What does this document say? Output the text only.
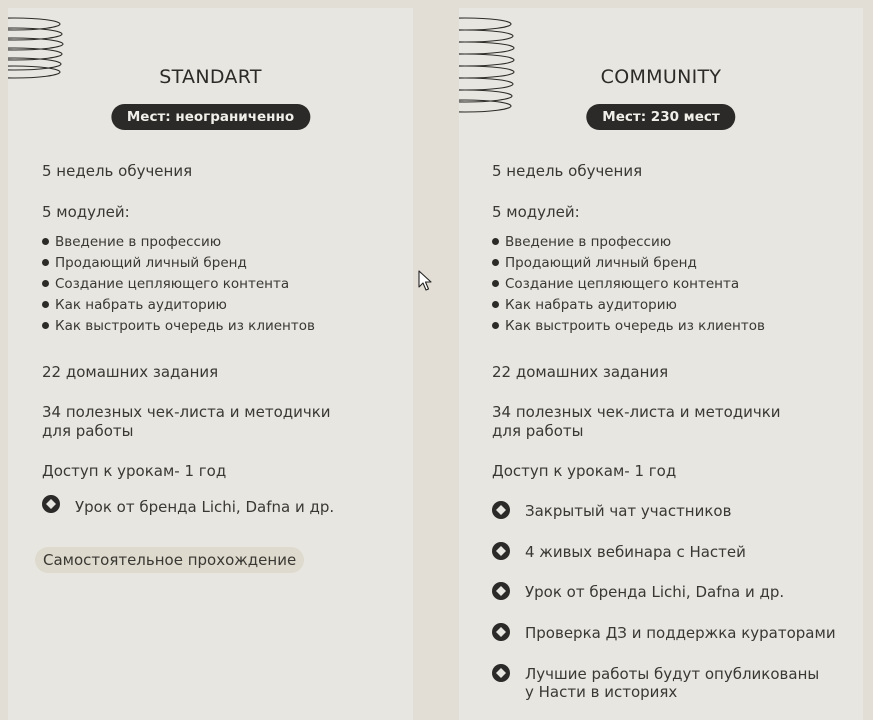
STANDART
Мест: неограниченно
5 недель обучения
5 модулей:
Введение в профессию
Продающий личный бренд
Создание цепляющего контента
Как набрать аудиторию
Как выстроить очередь из клиентов
22 домашних задания
34 полезных чек-листа и методички
для работы
Доступ к урокам- 1 год
Урок от бренда Lichi, Dafna и др.
Самостоятельное прохождение
COMMUNITY
Мест: 230 мест
5 недель обучения
5 модулей:
Введение в профессию
Продающий личный бренд
Создание цепляющего контента
Как набрать аудиторию
Как выстроить очередь из клиентов
22 домашних задания
34 полезных чек-листа и методички
для работы
Доступ к урокам- 1 год
Закрытый чат участников
4 живых вебинара с Настей
Урок от бренда Lichi, Dafna и др.
Проверка ДЗ и поддержка кураторами
Лучшие работы будут опубликованы
у Насти в историях
